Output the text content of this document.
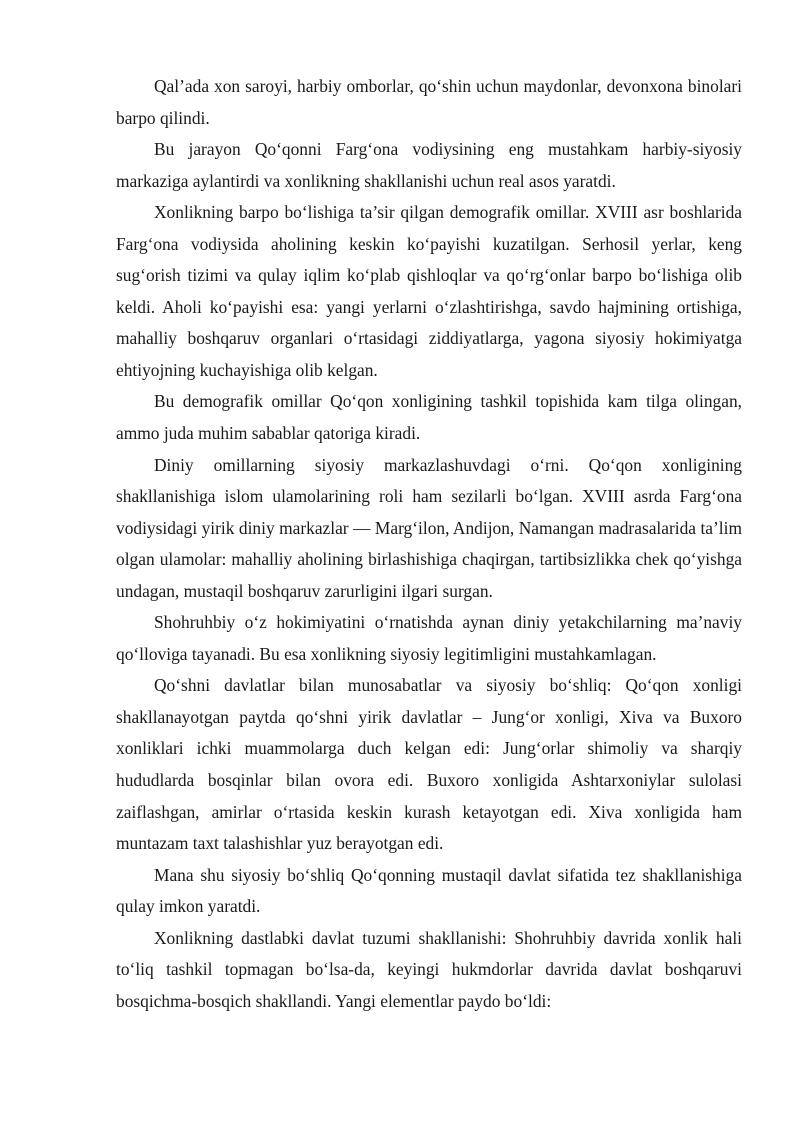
Qal’ada xon saroyi, harbiy omborlar, qo‘shin uchun maydonlar, devonxona binolari barpo qilindi.

Bu jarayon Qo‘qonni Farg‘ona vodiysining eng mustahkam harbiy-siyosiy markaziga aylantirdi va xonlikning shakllanishi uchun real asos yaratdi.

Xonlikning barpo bo‘lishiga ta’sir qilgan demografik omillar. XVIII asr boshlarida Farg‘ona vodiysida aholining keskin ko‘payishi kuzatilgan. Serhosil yerlar, keng sug‘orish tizimi va qulay iqlim ko‘plab qishloqlar va qo‘rg‘onlar barpo bo‘lishiga olib keldi. Aholi ko‘payishi esa: yangi yerlarni o‘zlashtirishga, savdo hajmining ortishiga, mahalliy boshqaruv organlari o‘rtasidagi ziddiyatlarga, yagona siyosiy hokimiyatga ehtiyojning kuchayishiga olib kelgan.

Bu demografik omillar Qo‘qon xonligining tashkil topishida kam tilga olingan, ammo juda muhim sabablar qatoriga kiradi.

Diniy omillarning siyosiy markazlashuvdagi o‘rni. Qo‘qon xonligining shakllanishiga islom ulamolarining roli ham sezilarli bo‘lgan. XVIII asrda Farg‘ona vodiysidagi yirik diniy markazlar — Marg‘ilon, Andijon, Namangan madrasalarida ta’lim olgan ulamolar: mahalliy aholining birlashishiga chaqirgan, tartibsizlikka chek qo‘yishga undagan, mustaqil boshqaruv zarurligini ilgari surgan.

Shohruhbiy o‘z hokimiyatini o‘rnatishda aynan diniy yetakchilarning ma’naviy qo‘lloviga tayanadi. Bu esa xonlikning siyosiy legitimligini mustahkamlagan.

Qo‘shni davlatlar bilan munosabatlar va siyosiy bo‘shliq: Qo‘qon xonligi shakllanayotgan paytda qo‘shni yirik davlatlar – Jung‘or xonligi, Xiva va Buxoro xonliklari ichki muammolarga duch kelgan edi: Jung‘orlar shimoliy va sharqiy hududlarda bosqinlar bilan ovora edi. Buxoro xonligida Ashtarxoniylar sulolasi zaiflashgan, amirlar o‘rtasida keskin kurash ketayotgan edi. Xiva xonligida ham muntazam taxt talashishlar yuz berayotgan edi.

Mana shu siyosiy bo‘shliq Qo‘qonning mustaqil davlat sifatida tez shakllanishiga qulay imkon yaratdi.

Xonlikning dastlabki davlat tuzumi shakllanishi: Shohruhbiy davrida xonlik hali to‘liq tashkil topmagan bo‘lsa-da, keyingi hukmdorlar davrida davlat boshqaruvi bosqichma-bosqich shakllandi. Yangi elementlar paydo bo‘ldi:
